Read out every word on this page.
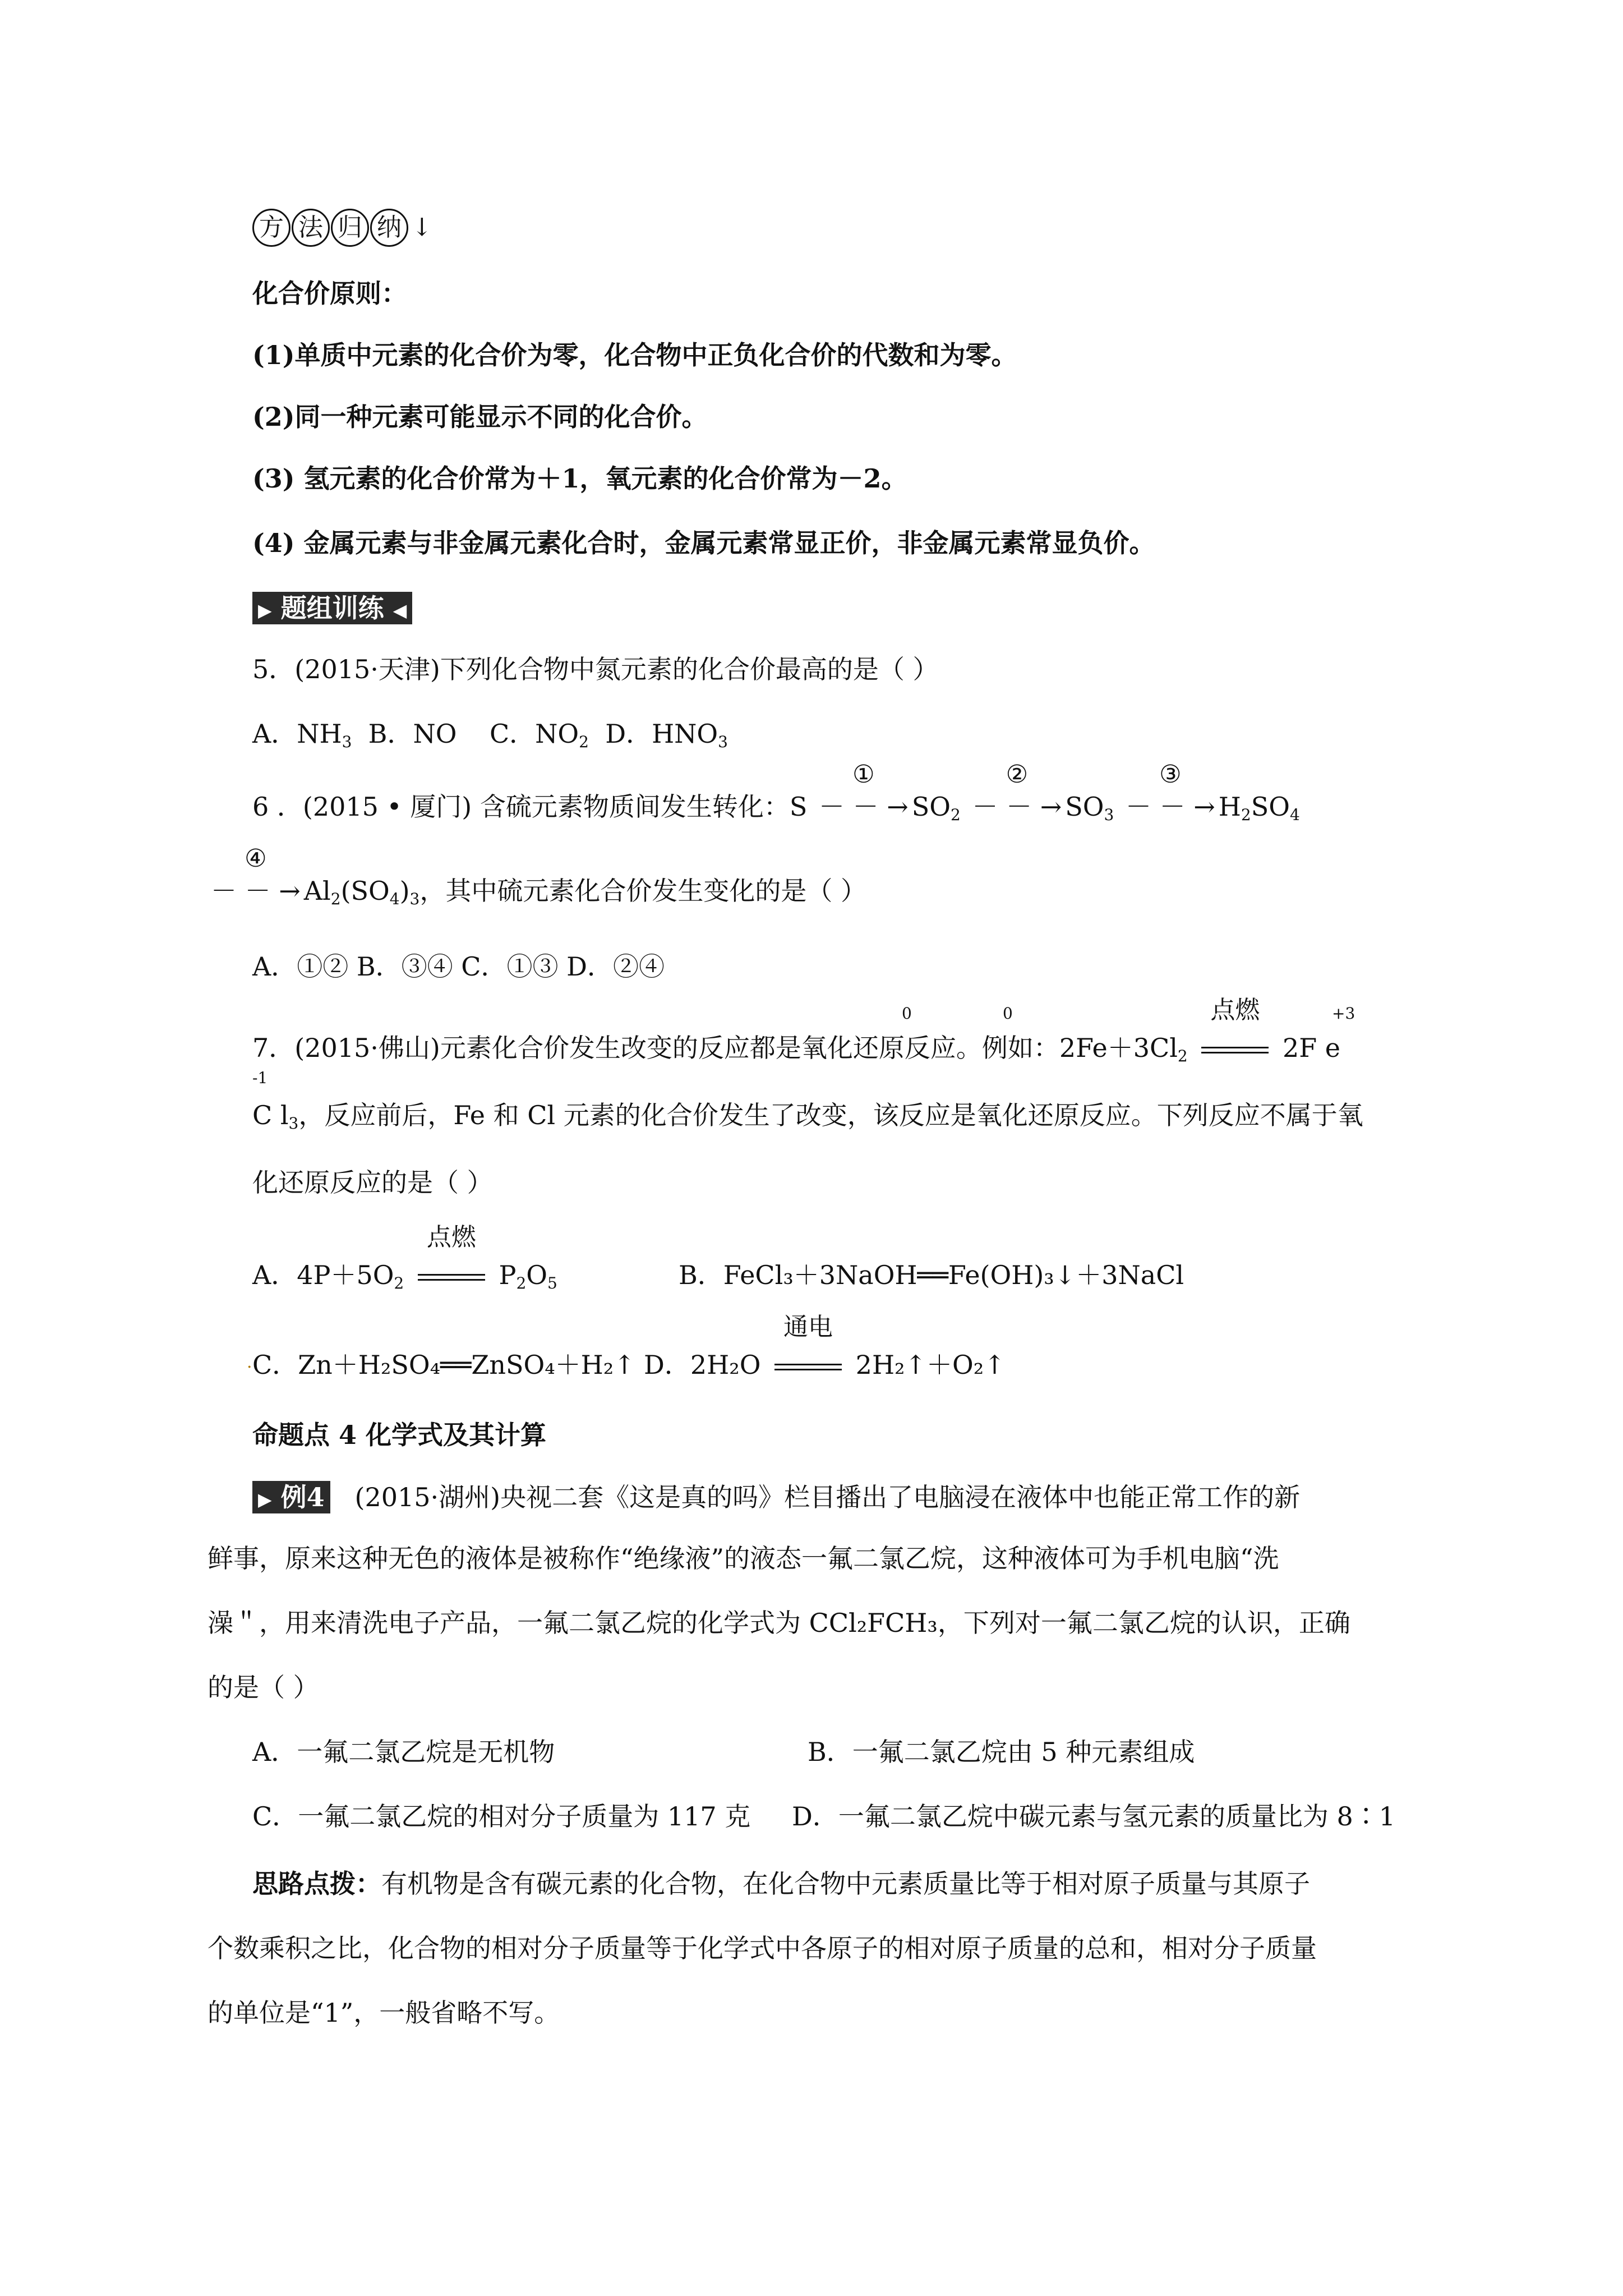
方 法 归 纳 ↓
化合价原则：
(1)单质中元素的化合价为零，化合物中正负化合价的代数和为零。
(2)同一种元素可能显示不同的化合价。
(3) 氢元素的化合价常为＋1，氧元素的化合价常为－2。
(4) 金属元素与非金属元素化合时，金属元素常显正价，非金属元素常显负价。
▶ 题组训练 ◀
5．(2015·天津)下列化合物中氮元素的化合价最高的是（ ）
A．$NH_3$ B．NO C．$NO_2$ D．$HNO_3$
6 ．(2015 • 厦门) 含硫元素物质间发生转化：S
①
－ － → $SO_2$
②
－ － → $SO_3$
③
－ － → $H_2SO_4$
④
－ － → $Al_2(SO_4)_3$，其中硫元素化合价发生变化的是（ ）
A．①② B．③④ C．①③ D．②④
0	0	+3
7．(2015·佛山)元素化合价发生改变的反应都是氧化还原反应。例如：$2Fe+3Cl_2$
点燃
2F e
-1
C $l_3$，反应前后，Fe 和 Cl 元素的化合价发生了改变，该反应是氧化还原反应。下列反应不属于氧
化还原反应的是（ ）
A．$4P+5O_2$
点燃
$P_2O_5$	B．FeCl₃＋3NaOH══Fe(OH)₃↓＋3NaCl
· C．Zn＋H₂SO₄══ZnSO₄＋H₂↑ D．2H₂O
通电
2H₂↑＋O₂↑
命题点 4 化学式及其计算
▶ 例4 (2015·湖州)央视二套《这是真的吗》栏目播出了电脑浸在液体中也能正常工作的新
鲜事，原来这种无色的液体是被称作“绝缘液”的液态一氟二氯乙烷，这种液体可为手机电脑“洗
澡＂，用来清洗电子产品，一氟二氯乙烷的化学式为 CCl₂FCH₃，下列对一氟二氯乙烷的认识，正确
的是（ ）
A．一氟二氯乙烷是无机物	B．一氟二氯乙烷由 5 种元素组成
C．一氟二氯乙烷的相对分子质量为 117 克 D．一氟二氯乙烷中碳元素与氢元素的质量比为 8∶1
思路点拨：有机物是含有碳元素的化合物，在化合物中元素质量比等于相对原子质量与其原子
个数乘积之比，化合物的相对分子质量等于化学式中各原子的相对原子质量的总和，相对分子质量
的单位是“1”，一般省略不写。
